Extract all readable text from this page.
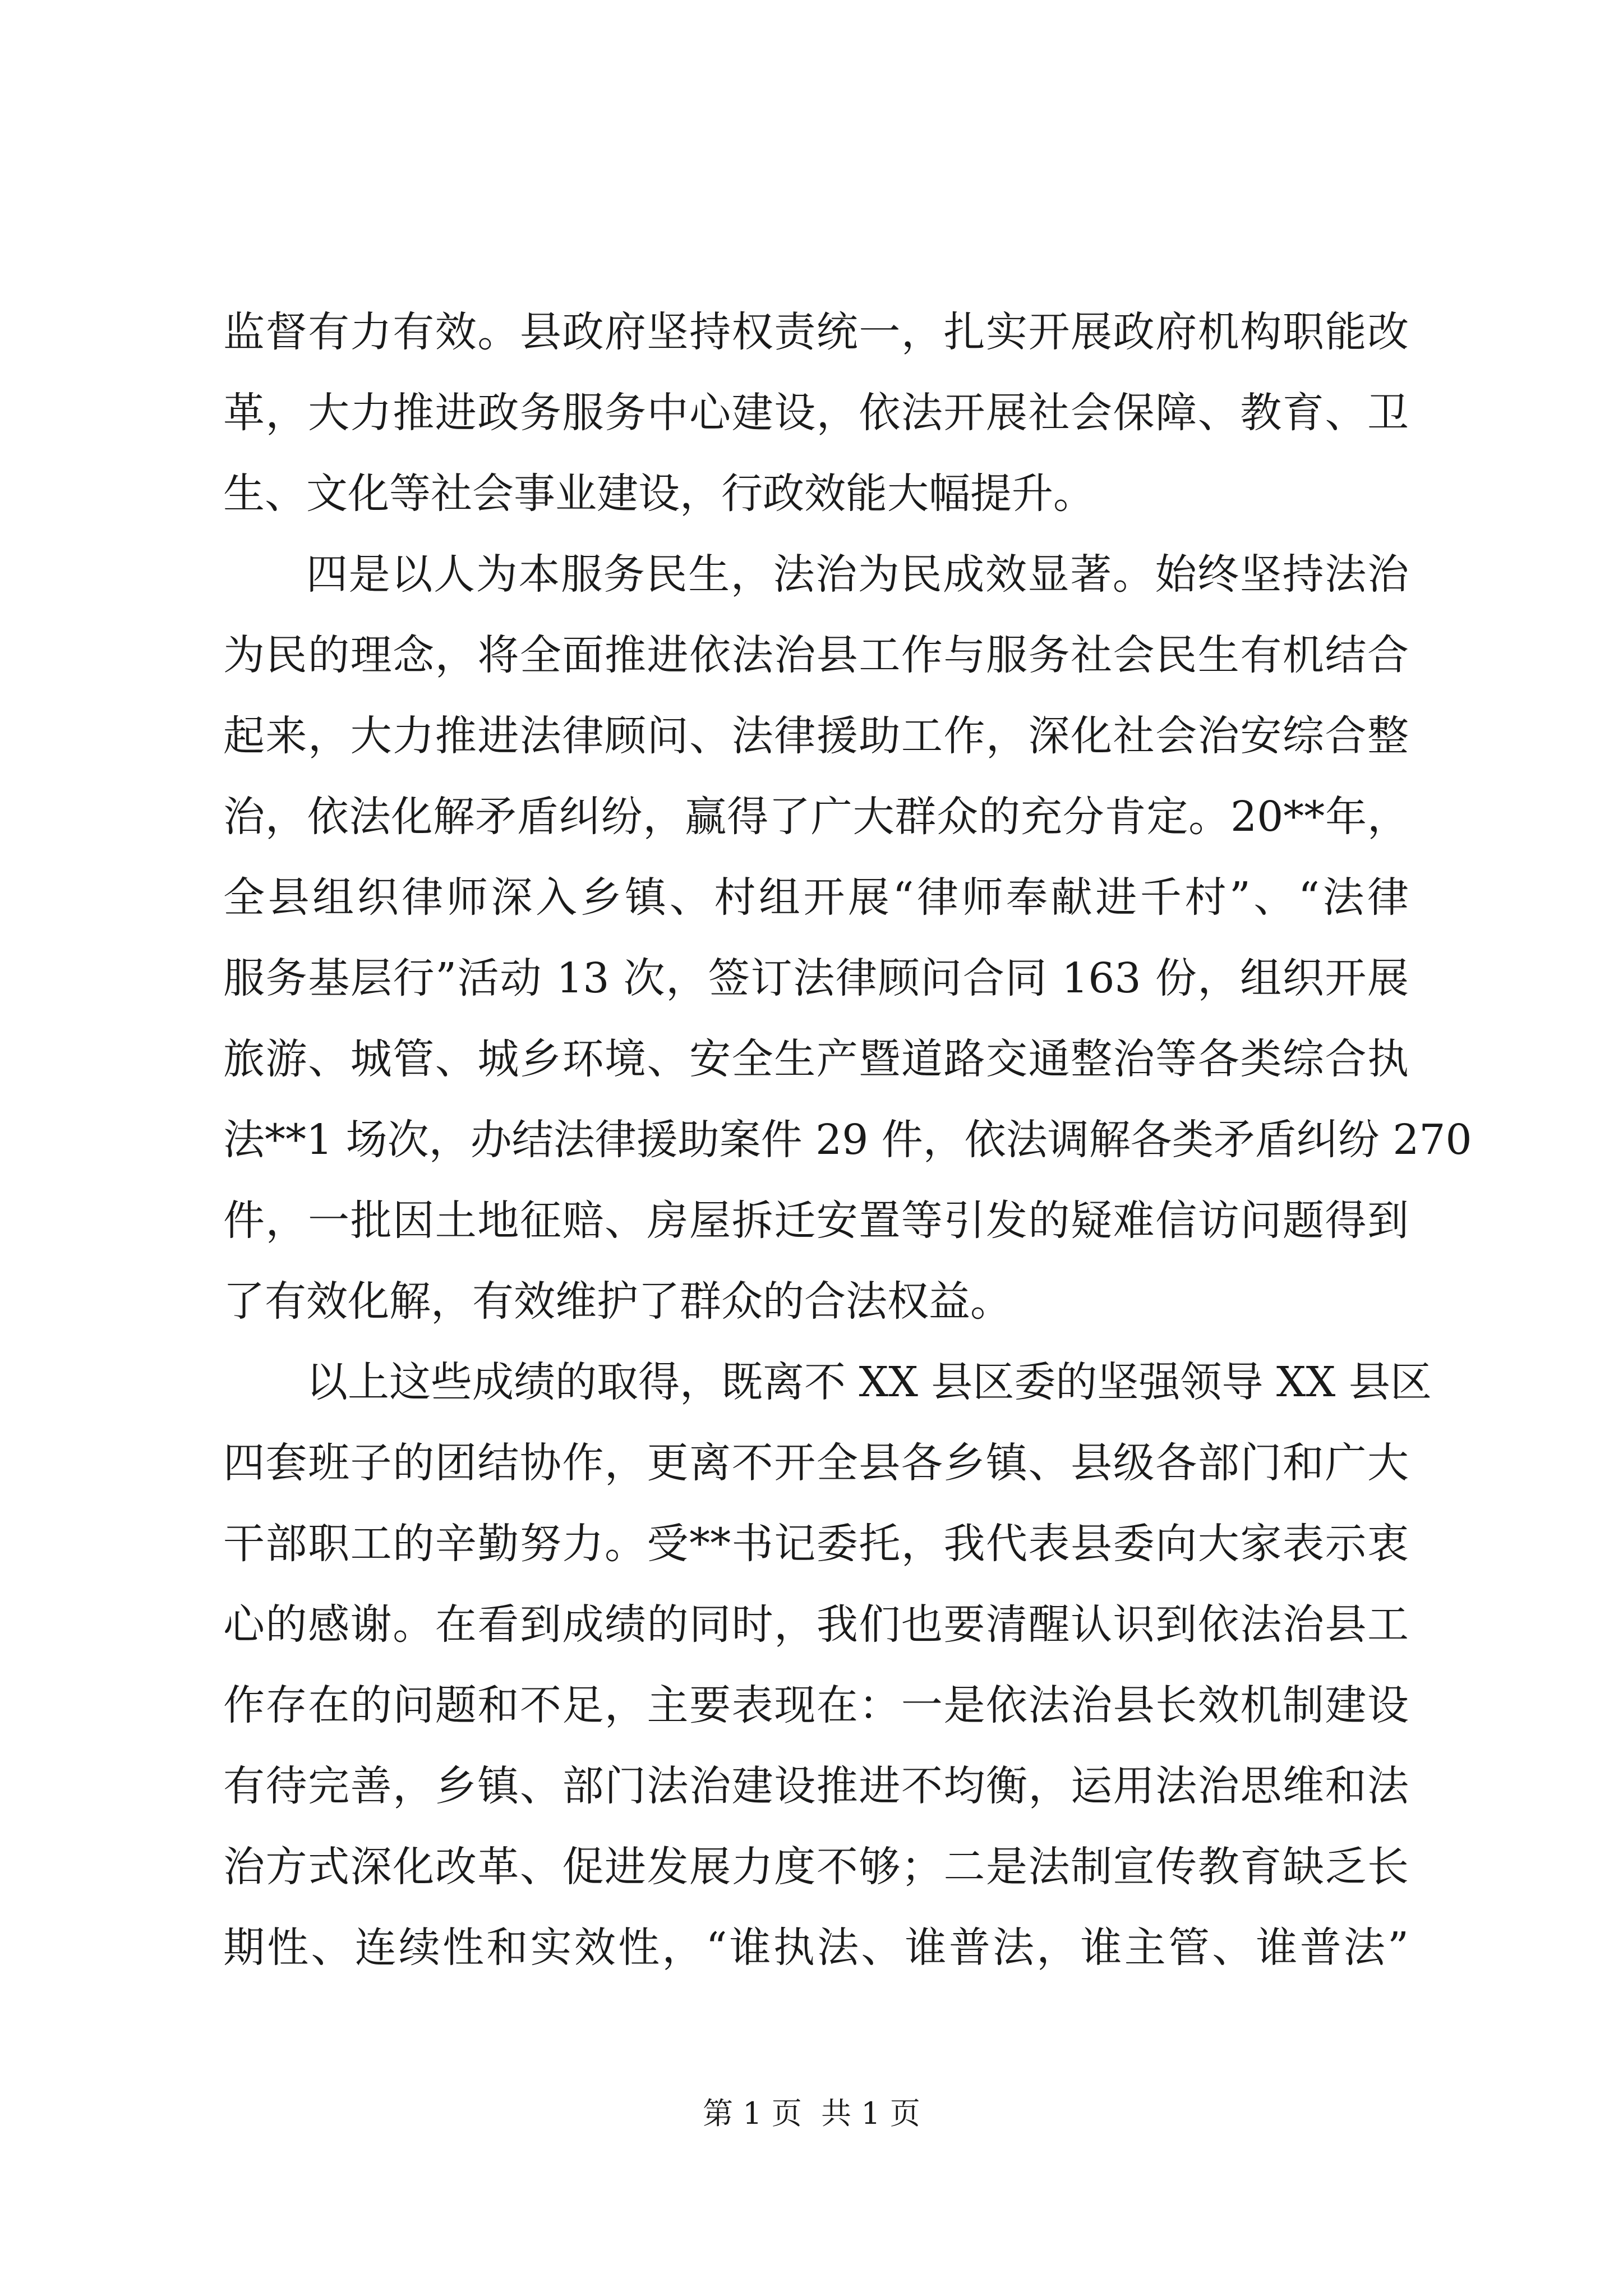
监督有力有效。县政府坚持权责统一，扎实开展政府机构职能改
革，大力推进政务服务中心建设，依法开展社会保障、教育、卫
生、文化等社会事业建设，行政效能大幅提升。
四是以人为本服务民生，法治为民成效显著。始终坚持法治
为民的理念，将全面推进依法治县工作与服务社会民生有机结合
起来，大力推进法律顾问、法律援助工作，深化社会治安综合整
治，依法化解矛盾纠纷，赢得了广大群众的充分肯定。20**年，
全县组织律师深入乡镇、村组开展“律师奉献进千村”、“法律
服务基层行”活动 13 次，签订法律顾问合同 163 份，组织开展
旅游、城管、城乡环境、安全生产暨道路交通整治等各类综合执
法**1 场次，办结法律援助案件 29 件，依法调解各类矛盾纠纷 270
件，一批因土地征赔、房屋拆迁安置等引发的疑难信访问题得到
了有效化解，有效维护了群众的合法权益。
以上这些成绩的取得，既离不 XX 县区委的坚强领导 XX 县区
四套班子的团结协作，更离不开全县各乡镇、县级各部门和广大
干部职工的辛勤努力。受**书记委托，我代表县委向大家表示衷
心的感谢。在看到成绩的同时，我们也要清醒认识到依法治县工
作存在的问题和不足，主要表现在：一是依法治县长效机制建设
有待完善，乡镇、部门法治建设推进不均衡，运用法治思维和法
治方式深化改革、促进发展力度不够；二是法制宣传教育缺乏长
期性、连续性和实效性，“谁执法、谁普法，谁主管、谁普法”
第 1 页  共 1 页
